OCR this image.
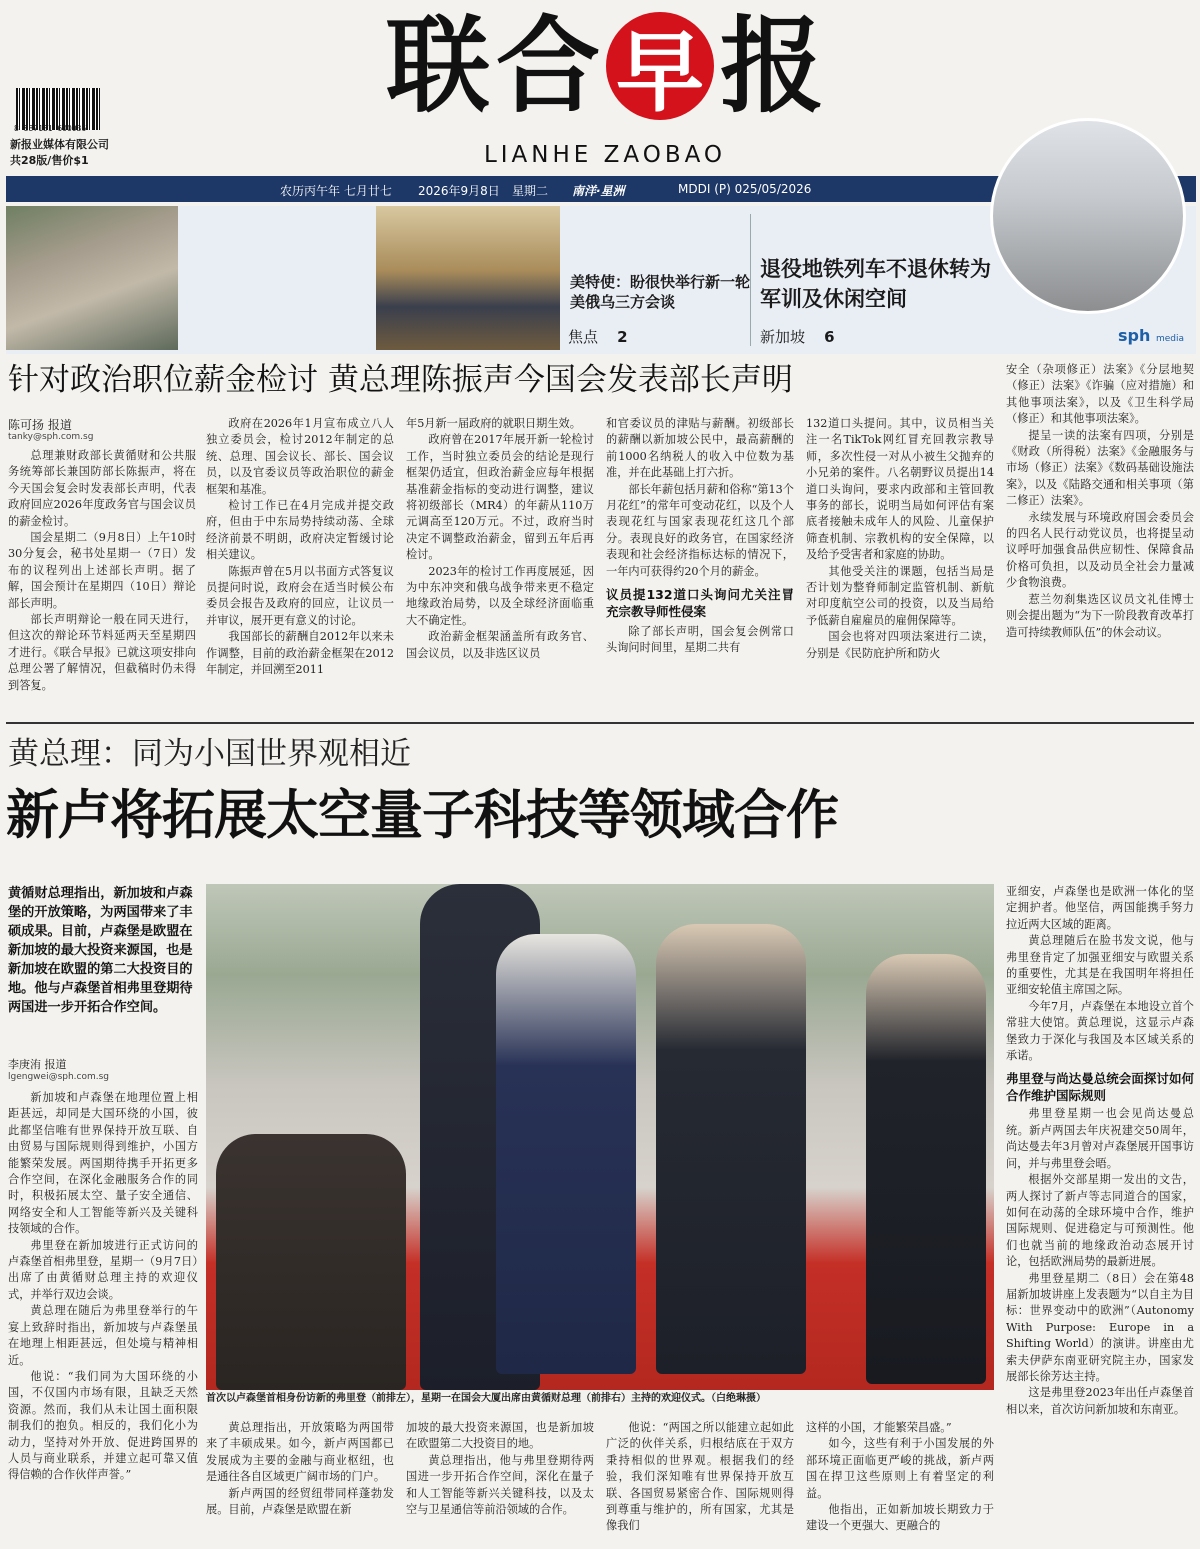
8 887181 600036
新报业媒体有限公司
共28版/售价$1
联 合 早 报
LIANHE ZAOBAO
农历丙午年 七月廿七 2026年9月8日 星期二 南洋·星洲	MDDI (P) 025/05/2026
美特使：盼很快举行新一轮美俄乌三方会谈
焦点 2
退役地铁列车不退休转为军训及休闲空间
新加坡 6	sph media
针对政治职位薪金检讨 黄总理陈振声今国会发表部长声明
陈可扬 报道
tanky@sph.com.sg

总理兼财政部长黄循财和公共服务统筹部长兼国防部长陈振声，将在今天国会复会时发表部长声明，代表政府回应2026年度政务官与国会议员的薪金检讨。

国会星期二（9月8日）上午10时30分复会，秘书处星期一（7日）发布的议程列出上述部长声明。据了解，国会预计在星期四（10日）辩论部长声明。

部长声明辩论一般在同天进行，但这次的辩论环节料延两天至星期四才进行。《联合早报》已就这项安排向总理公署了解情况，但截稿时仍未得到答复。

政府在2026年1月宣布成立八人独立委员会，检讨2012年制定的总统、总理、国会议长、部长、国会议员，以及官委议员等政治职位的薪金框架和基准。

检讨工作已在4月完成并提交政府，但由于中东局势持续动荡、全球经济前景不明朗，政府决定暂缓讨论相关建议。

陈振声曾在5月以书面方式答复议员提问时说，政府会在适当时候公布委员会报告及政府的回应，让议员一并审议，展开更有意义的讨论。

我国部长的薪酬自2012年以来未作调整，目前的政治薪金框架在2012年制定，并回溯至2011

年5月新一届政府的就职日期生效。

政府曾在2017年展开新一轮检讨工作，当时独立委员会的结论是现行框架仍适宜，但政治薪金应每年根据基准薪金指标的变动进行调整，建议将初级部长（MR4）的年薪从110万元调高至120万元。不过，政府当时决定不调整政治薪金，留到五年后再检讨。

2023年的检讨工作再度展延，因为中东冲突和俄乌战争带来更不稳定地缘政治局势，以及全球经济面临重大不确定性。

政治薪金框架涵盖所有政务官、国会议员，以及非选区议员

和官委议员的津贴与薪酬。初级部长的薪酬以新加坡公民中，最高薪酬的前1000名纳税人的收入中位数为基准，并在此基础上打六折。

部长年薪包括月薪和俗称“第13个月花红”的常年可变动花红，以及个人表现花红与国家表现花红这几个部分。表现良好的政务官，在国家经济表现和社会经济指标达标的情况下，一年内可获得约20个月的薪金。

议员提132道口头询问尤关注冒充宗教导师性侵案

除了部长声明，国会复会例常口头询问时间里，星期二共有

132道口头提问。其中，议员相当关注一名TikTok网红冒充回教宗教导师，多次性侵一对从小被生父抛弃的小兄弟的案件。八名朝野议员提出14道口头询问，要求内政部和主管回教事务的部长，说明当局如何评估有案底者接触未成年人的风险、儿童保护筛查机制、宗教机构的安全保障，以及给予受害者和家庭的协助。

其他受关注的课题，包括当局是否计划为整脊师制定监管机制、新航对印度航空公司的投资，以及当局给予低薪自雇雇员的雇佣保障等。

国会也将对四项法案进行二读，分别是《民防庇护所和防火

安全（杂项修正）法案》《分层地契（修正）法案》《诈骗（应对措施）和其他事项法案》，以及《卫生科学局（修正）和其他事项法案》。

提呈一读的法案有四项，分别是《财政（所得税）法案》《金融服务与市场（修正）法案》《数码基础设施法案》，以及《陆路交通和相关事项（第二修正）法案》。

永续发展与环境政府国会委员会的四名人民行动党议员，也将提呈动议呼吁加强食品供应韧性、保障食品价格可负担，以及动员全社会力量减少食物浪费。

惹兰勿刹集选区议员文礼佳博士则会提出题为“为下一阶段教育改革打造可持续教师队伍”的休会动议。

黄总理：同为小国世界观相近
新卢将拓展太空量子科技等领域合作
黄循财总理指出，新加坡和卢森堡的开放策略，为两国带来了丰硕成果。目前，卢森堡是欧盟在新加坡的最大投资来源国，也是新加坡在欧盟的第二大投资目的地。他与卢森堡首相弗里登期待两国进一步开拓合作空间。
李庚洧 报道
lgengwei@sph.com.sg

新加坡和卢森堡在地理位置上相距甚远，却同是大国环绕的小国，彼此都坚信唯有世界保持开放互联、自由贸易与国际规则得到维护，小国方能繁荣发展。两国期待携手开拓更多合作空间，在深化金融服务合作的同时，积极拓展太空、量子安全通信、网络安全和人工智能等新兴及关键科技领域的合作。

弗里登在新加坡进行正式访问的卢森堡首相弗里登，星期一（9月7日）出席了由黄循财总理主持的欢迎仪式，并举行双边会谈。

黄总理在随后为弗里登举行的午宴上致辞时指出，新加坡与卢森堡虽在地理上相距甚远，但处境与精神相近。

他说：“我们同为大国环绕的小国，不仅国内市场有限，且缺乏天然资源。然而，我们从未让国土面积限制我们的抱负。相反的，我们化小为动力，坚持对外开放、促进跨国界的人员与商业联系，并建立起可靠又值得信赖的合作伙伴声誉。”

首次以卢森堡首相身份访新的弗里登（前排左），星期一在国会大厦出席由黄循财总理（前排右）主持的欢迎仪式。（白绝琳摄）

黄总理指出，开放策略为两国带来了丰硕成果。如今，新卢两国都已发展成为主要的金融与商业枢纽，也是通往各自区域更广阔市场的门户。

新卢两国的经贸纽带同样蓬勃发展。目前，卢森堡是欧盟在新

加坡的最大投资来源国，也是新加坡在欧盟第二大投资目的地。

黄总理指出，他与弗里登期待两国进一步开拓合作空间，深化在量子和人工智能等新兴关键科技，以及太空与卫星通信等前沿领域的合作。

他说：“两国之所以能建立起如此广泛的伙伴关系，归根结底在于双方秉持相似的世界观。根据我们的经验，我们深知唯有世界保持开放互联、各国贸易紧密合作、国际规则得到尊重与维护的，所有国家，尤其是像我们

这样的小国，才能繁荣昌盛。”

如今，这些有利于小国发展的外部环境正面临更严峻的挑战，新卢两国在捍卫这些原则上有着坚定的利益。

他指出，正如新加坡长期致力于建设一个更强大、更融合的

亚细安，卢森堡也是欧洲一体化的坚定拥护者。他坚信，两国能携手努力拉近两大区域的距离。

黄总理随后在脸书发文说，他与弗里登肯定了加强亚细安与欧盟关系的重要性，尤其是在我国明年将担任亚细安轮值主席国之际。

今年7月，卢森堡在本地设立首个常驻大使馆。黄总理说，这显示卢森堡致力于深化与我国及本区域关系的承诺。

弗里登与尚达曼总统会面探讨如何合作维护国际规则

弗里登星期一也会见尚达曼总统。新卢两国去年庆祝建交50周年，尚达曼去年3月曾对卢森堡展开国事访问，并与弗里登会晤。

根据外交部星期一发出的文告，两人探讨了新卢等志同道合的国家，如何在动荡的全球环境中合作，维护国际规则、促进稳定与可预测性。他们也就当前的地缘政治动态展开讨论，包括欧洲局势的最新进展。

弗里登星期二（8日）会在第48届新加坡讲座上发表题为“以自主为目标：世界变动中的欧洲”（Autonomy With Purpose: Europe in a Shifting World）的演讲。讲座由尤索夫伊萨东南亚研究院主办，国家发展部长徐芳达主持。

这是弗里登2023年出任卢森堡首相以来，首次访问新加坡和东南亚。
